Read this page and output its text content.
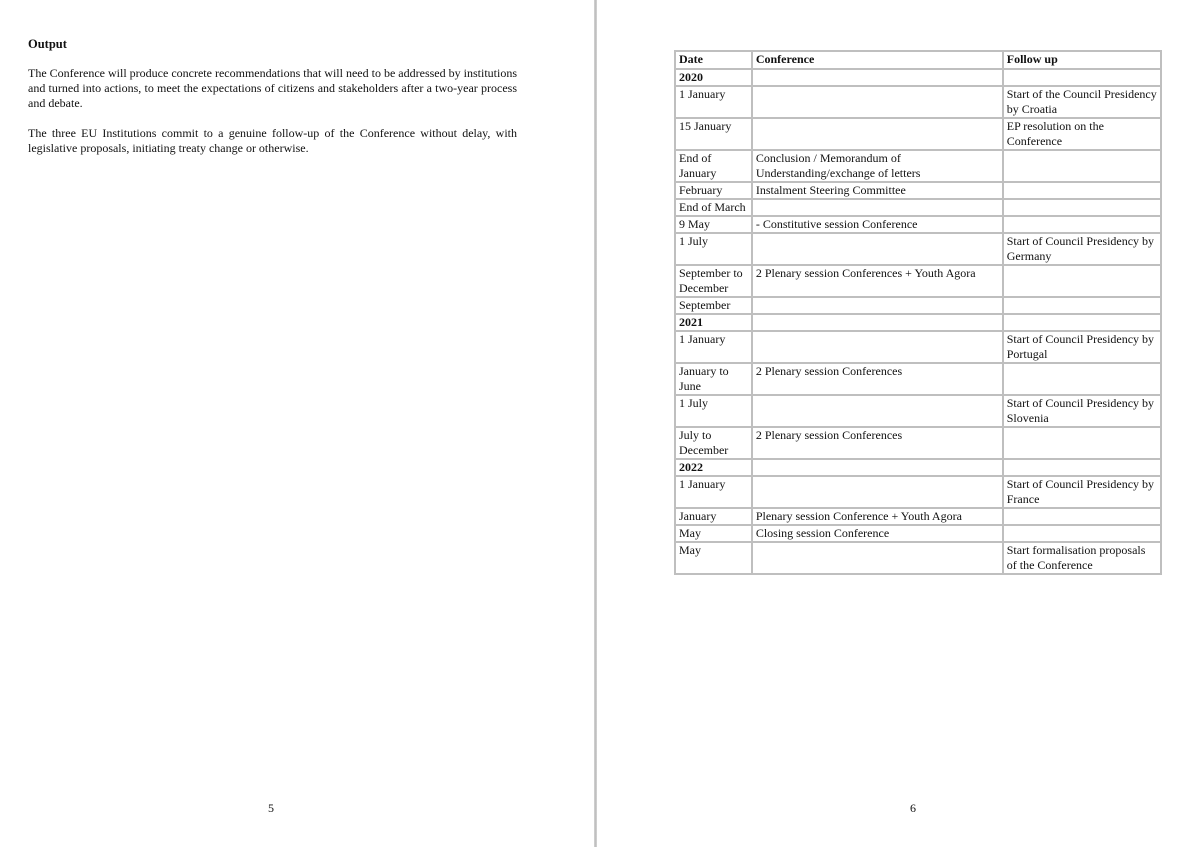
Output

The Conference will produce concrete recommendations that will need to be addressed by institutions and turned into actions, to meet the expectations of citizens and stakeholders after a two-year process and debate.

The three EU Institutions commit to a genuine follow-up of the Conference without delay, with legislative proposals, initiating treaty change or otherwise.

5
Date	Conference	Follow up
2020		
1 January		Start of the Council Presidency by Croatia
15 January		EP resolution on the Conference
End of January	Conclusion / Memorandum of Understanding/exchange of letters	
February	Instalment Steering Committee	
End of March		
9 May	- Constitutive session Conference	
1 July		Start of Council Presidency by Germany
September to December	2 Plenary session Conferences + Youth Agora	
September		
2021		
1 January		Start of Council Presidency by Portugal
January to June	2 Plenary session Conferences	
1 July		Start of Council Presidency by Slovenia
July to December	2 Plenary session Conferences	
2022		
1 January		Start of Council Presidency by France
January	Plenary session Conference + Youth Agora	
May	Closing session Conference	
May		Start formalisation proposals of the Conference
6
